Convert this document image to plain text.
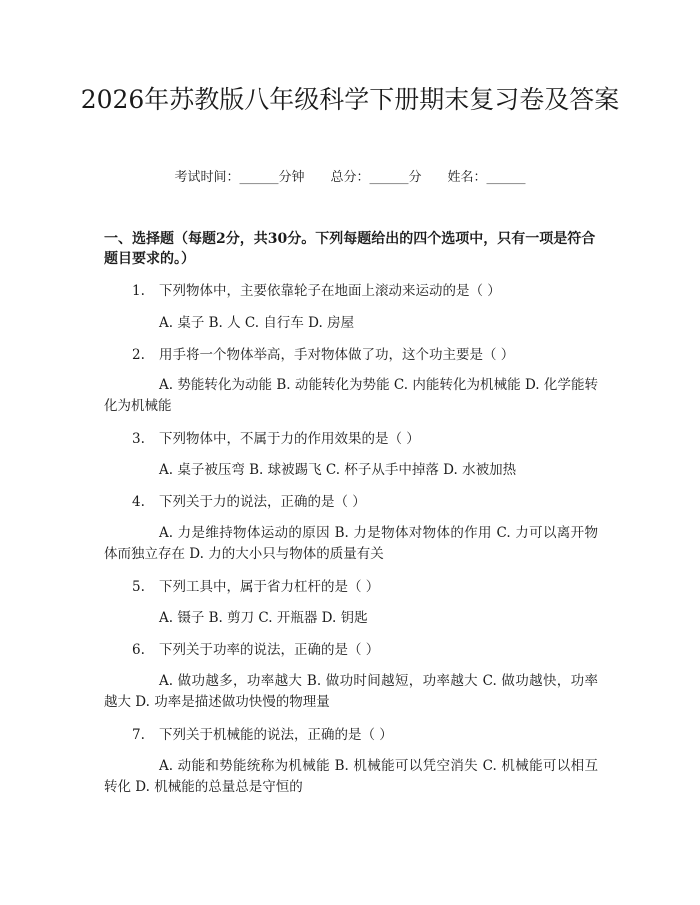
2026年苏教版八年级科学下册期末复习卷及答案
考试时间：______分钟 总分：______分 姓名：______
一、选择题（每题2分，共30分。下列每题给出的四个选项中，只有一项是符合题目要求的。）
1. 下列物体中，主要依靠轮子在地面上滚动来运动的是（ ）
A. 桌子 B. 人 C. 自行车 D. 房屋
2. 用手将一个物体举高，手对物体做了功，这个功主要是（ ）
A. 势能转化为动能 B. 动能转化为势能 C. 内能转化为机械能 D. 化学能转化为机械能
3. 下列物体中，不属于力的作用效果的是（ ）
A. 桌子被压弯 B. 球被踢飞 C. 杯子从手中掉落 D. 水被加热
4. 下列关于力的说法，正确的是（ ）
A. 力是维持物体运动的原因 B. 力是物体对物体的作用 C. 力可以离开物体而独立存在 D. 力的大小只与物体的质量有关
5. 下列工具中，属于省力杠杆的是（ ）
A. 镊子 B. 剪刀 C. 开瓶器 D. 钥匙
6. 下列关于功率的说法，正确的是（ ）
A. 做功越多，功率越大 B. 做功时间越短，功率越大 C. 做功越快，功率越大 D. 功率是描述做功快慢的物理量
7. 下列关于机械能的说法，正确的是（ ）
A. 动能和势能统称为机械能 B. 机械能可以凭空消失 C. 机械能可以相互转化 D. 机械能的总量总是守恒的
